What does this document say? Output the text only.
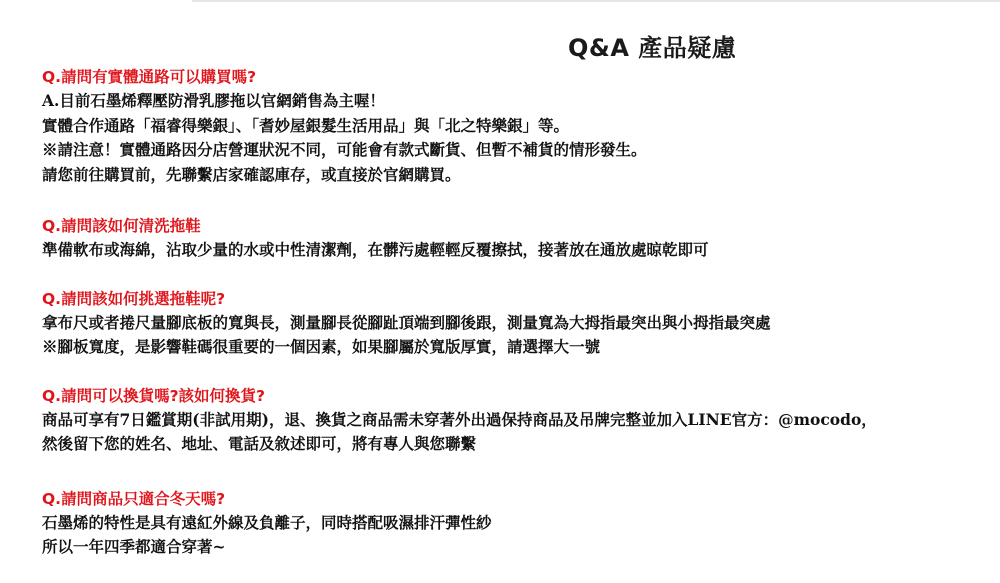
Q&A 產品疑慮
Q.請問有實體通路可以購買嗎?
A.目前石墨烯釋壓防滑乳膠拖以官網銷售為主喔！
實體合作通路「福睿得樂銀」、「耆妙屋銀髮生活用品」與「北之特樂銀」等。
※請注意！實體通路因分店營運狀況不同，可能會有款式斷貨、但暫不補貨的情形發生。
請您前往購買前，先聯繫店家確認庫存，或直接於官網購買。
Q.請問該如何清洗拖鞋
準備軟布或海綿，沾取少量的水或中性清潔劑，在髒污處輕輕反覆擦拭，接著放在通放處晾乾即可
Q.請問該如何挑選拖鞋呢?
拿布尺或者捲尺量腳底板的寬與長，測量腳長從腳趾頂端到腳後跟，測量寬為大拇指最突出與小拇指最突處
※腳板寬度，是影響鞋碼很重要的一個因素，如果腳屬於寬版厚實，請選擇大一號
Q.請問可以換貨嗎?該如何換貨?
商品可享有7日鑑賞期(非試用期)，退、換貨之商品需未穿著外出過保持商品及吊牌完整並加入LINE官方：@mocodo，
然後留下您的姓名、地址、電話及敘述即可，將有專人與您聯繫
Q.請問商品只適合冬天嗎?
石墨烯的特性是具有遠紅外線及負離子，同時搭配吸濕排汗彈性紗
所以一年四季都適合穿著~
